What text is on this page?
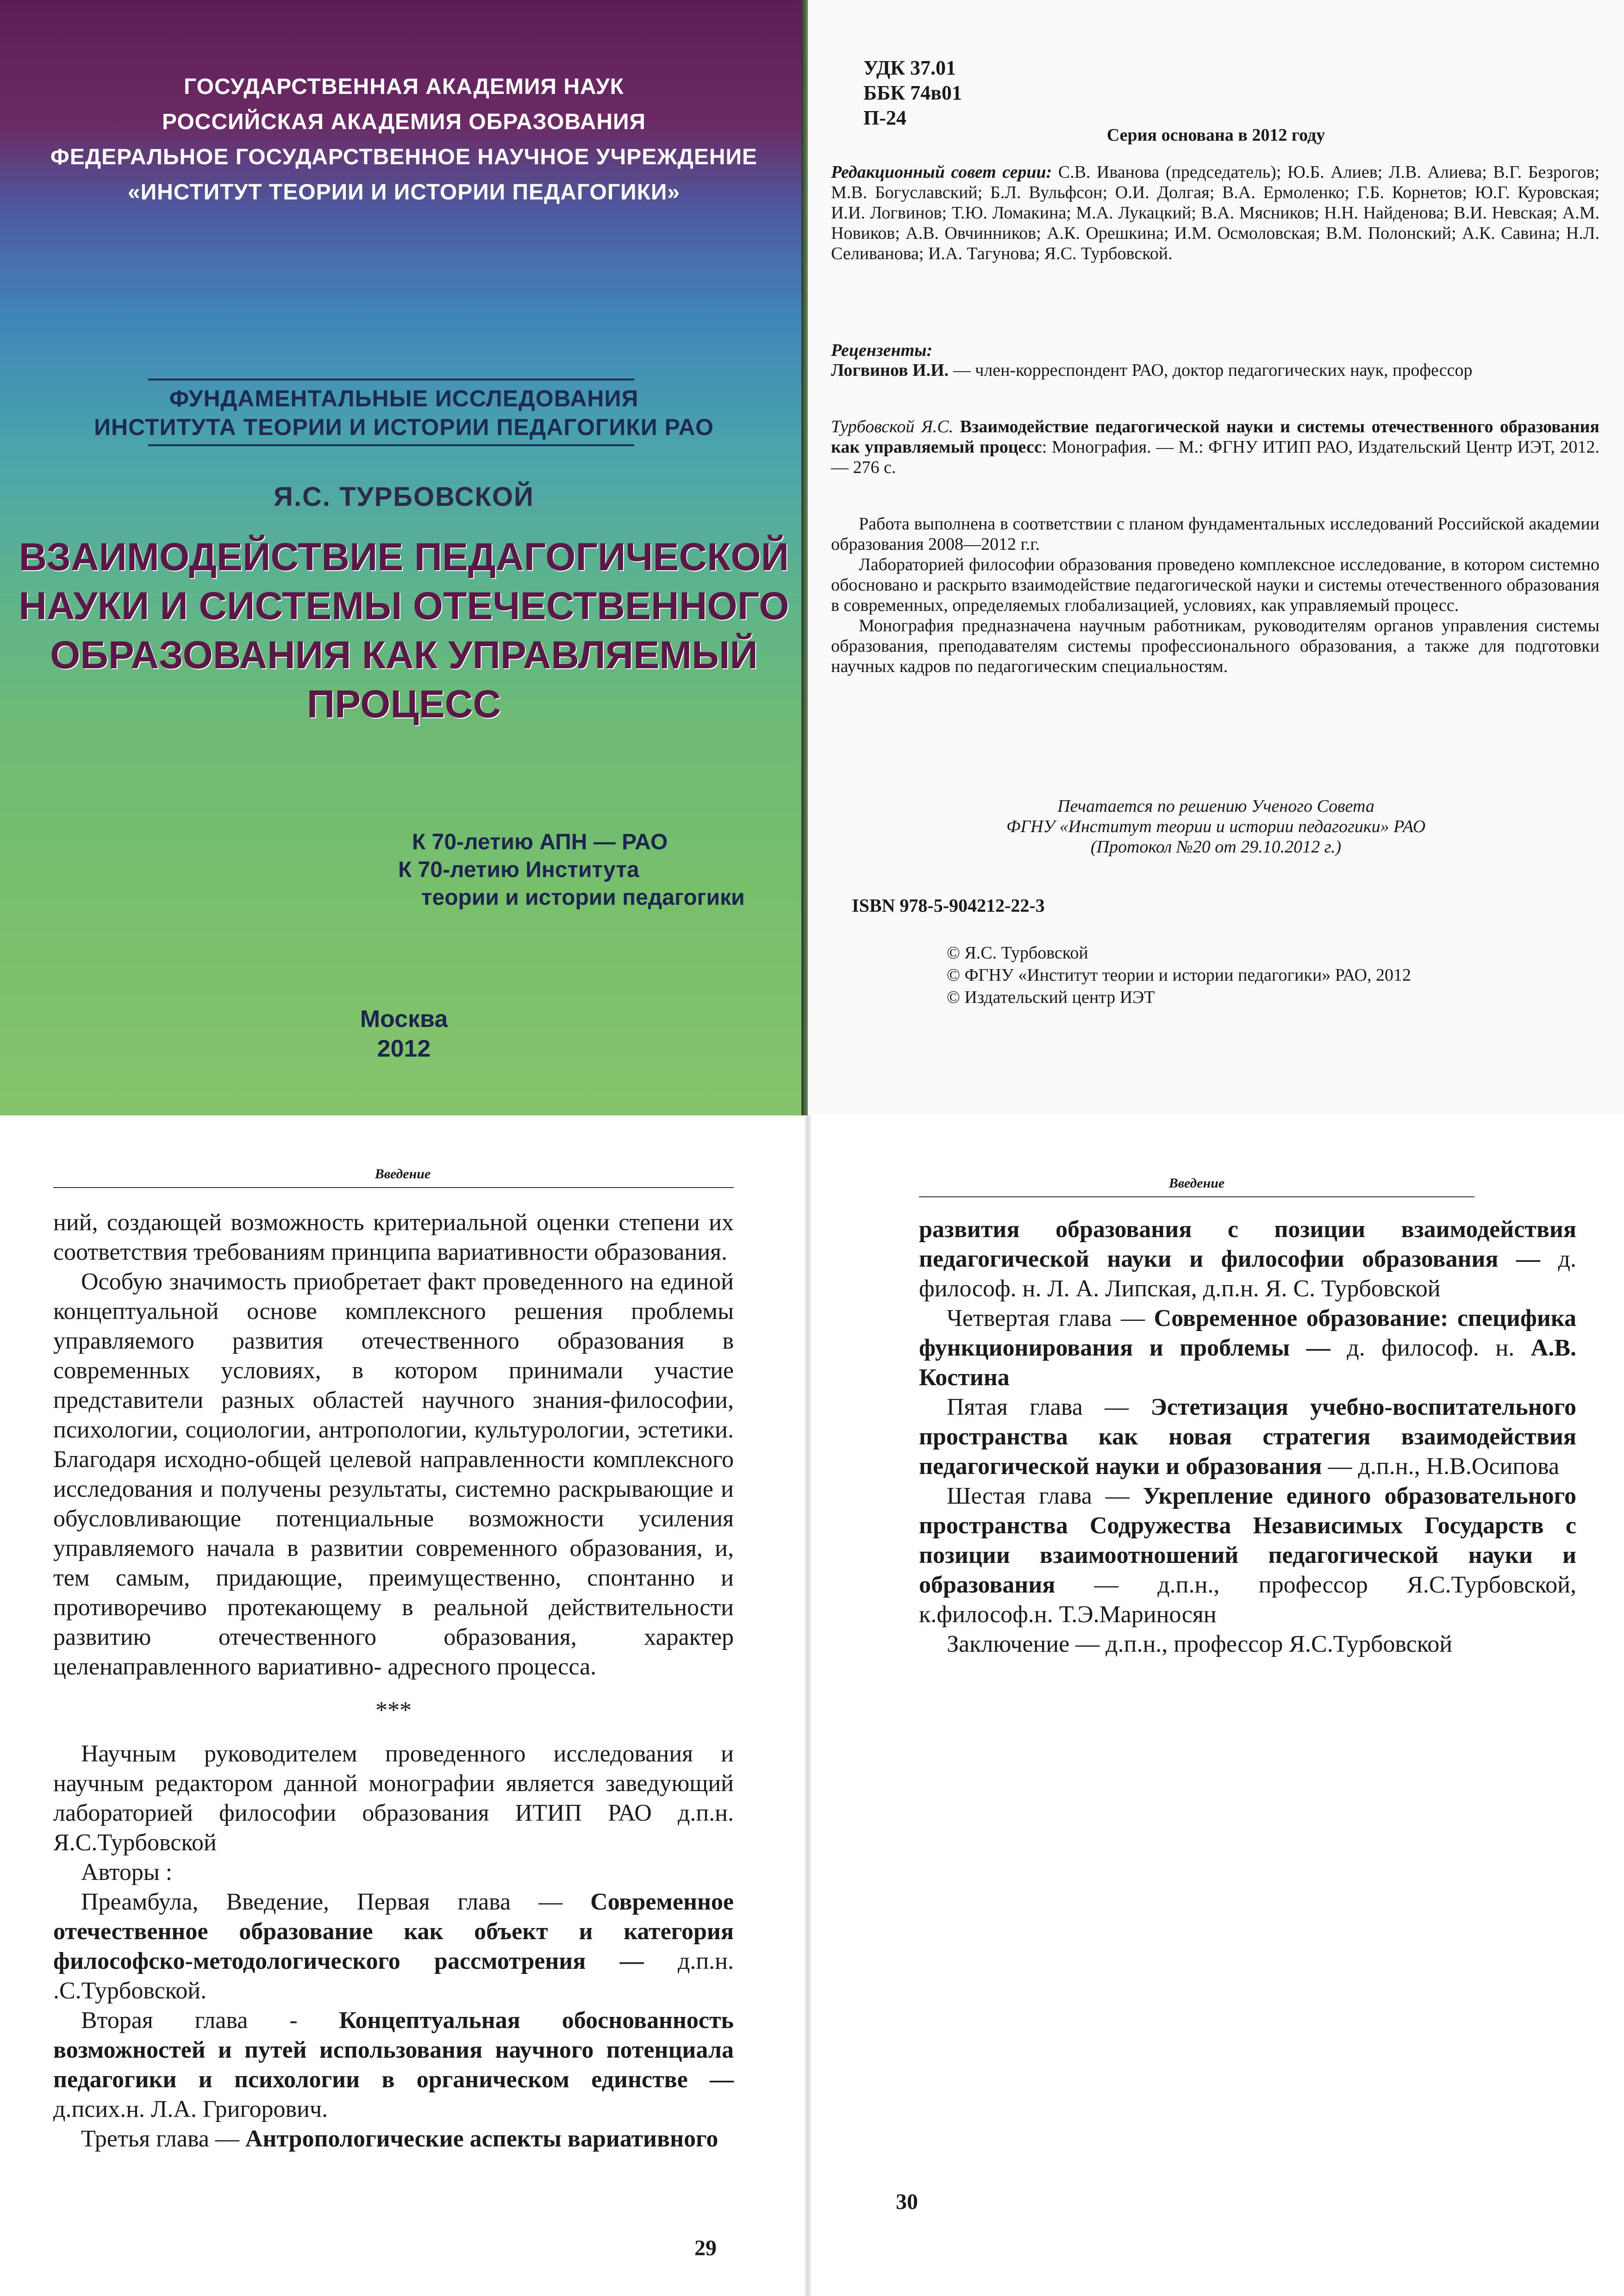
ГОСУДАРСТВЕННАЯ АКАДЕМИЯ НАУК
РОССИЙСКАЯ АКАДЕМИЯ ОБРАЗОВАНИЯ
ФЕДЕРАЛЬНОЕ ГОСУДАРСТВЕННОЕ НАУЧНОЕ УЧРЕЖДЕНИЕ
«ИНСТИТУТ ТЕОРИИ И ИСТОРИИ ПЕДАГОГИКИ»
ФУНДАМЕНТАЛЬНЫЕ ИССЛЕДОВАНИЯ
ИНСТИТУТА ТЕОРИИ И ИСТОРИИ ПЕДАГОГИКИ РАО
Я.С. ТУРБОВСКОЙ
ВЗАИМОДЕЙСТВИЕ ПЕДАГОГИЧЕСКОЙ
НАУКИ И СИСТЕМЫ ОТЕЧЕСТВЕННОГО
ОБРАЗОВАНИЯ КАК УПРАВЛЯЕМЫЙ
ПРОЦЕСС
К 70-летию АПН — РАО
К 70-летию Института
теории и истории педагогики
Москва
2012
УДК 37.01
ББК 74в01
П-24
Серия основана в 2012 году
Редакционный совет серии: С.В. Иванова (председатель); Ю.Б. Алиев; Л.В. Алиева; В.Г. Безрогов; М.В. Богуславский; Б.Л. Вульфсон; О.И. Долгая; В.А. Ермоленко; Г.Б. Корнетов; Ю.Г. Куровская; И.И. Логвинов; Т.Ю. Ломакина; М.А. Лукацкий; В.А. Мясников; Н.Н. Найденова; В.И. Невская; А.М. Новиков; А.В. Овчинников; А.К. Орешкина; И.М. Осмоловская; В.М. Полонский; А.К. Савина; Н.Л. Селиванова; И.А. Тагунова; Я.С. Турбовской.
Рецензенты:
Логвинов И.И. — член-корреспондент РАО, доктор педагогических наук, профессор
Турбовской Я.С. Взаимодействие педагогической науки и системы отечественного образования как управляемый процесс: Монография. — М.: ФГНУ ИТИП РАО, Издательский Центр ИЭТ, 2012. — 276 с.

Работа выполнена в соответствии с планом фундаментальных исследований Российской академии образования 2008—2012 г.г.

Лабораторией философии образования проведено комплексное исследование, в котором системно обосновано и раскрыто взаимодействие педагогической науки и системы отечественного образования в современных, определяемых глобализацией, условиях, как управляемый процесс.

Монография предназначена научным работникам, руководителям органов управления системы образования, преподавателям системы профессионального образования, а также для подготовки научных кадров по педагогическим специальностям.

Печатается по решению Ученого Совета
ФГНУ «Институт теории и истории педагогики» РАО
(Протокол №20 от 29.10.2012 г.)
ISBN 978-5-904212-22-3
© Я.С. Турбовской
© ФГНУ «Институт теории и истории педагогики» РАО, 2012
© Издательский центр ИЭТ
Введение

ний, создающей возможность критериальной оценки степени их соответствия требованиям принципа вариативности образования.

Особую значимость приобретает факт проведенного на единой концептуальной основе комплексного решения проблемы управляемого развития отечественного образования в современных условиях, в котором принимали участие представители разных областей научного знания-философии, психологии, социологии, антропологии, культурологии, эстетики. Благодаря исходно-общей целевой направленности комплексного исследования и получены результаты, системно раскрывающие и обусловливающие потенциальные возможности усиления управляемого начала в развитии современного образования, и, тем самым, придающие, преимущественно, спонтанно и противоречиво протекающему в реальной действительности развитию отечественного образования, характер целенаправленного вариативно- адресного процесса.

***

Научным руководителем проведенного исследования и научным редактором данной монографии является заведующий лабораторией философии образования ИТИП РАО д.п.н. Я.С.Турбовской

Авторы :

Преамбула, Введение, Первая глава — Современное отечественное образование как объект и категория философско-методологического рассмотрения — д.п.н. .С.Турбовской.

Вторая глава - Концептуальная обоснованность возможностей и путей использования научного потенциала педагогики и психологии в органическом единстве — д.псих.н. Л.А. Григорович.

Третья глава — Антропологические аспекты вариативного

29
Введение

развития образования с позиции взаимодействия педагогической науки и философии образования — д. философ. н. Л. А. Липская, д.п.н. Я. С. Турбовской

Четвертая глава — Современное образование: специфика функционирования и проблемы — д. философ. н. А.В. Костина

Пятая глава — Эстетизация учебно-воспитательного пространства как новая стратегия взаимодействия педагогической науки и образования — д.п.н., Н.В.Осипова

Шестая глава — Укрепление единого образовательного пространства Содружества Независимых Государств с позиции взаимоотношений педагогической науки и образования — д.п.н., профессор Я.С.Турбовской, к.философ.н. Т.Э.Мариносян

Заключение — д.п.н., профессор Я.С.Турбовской

30
